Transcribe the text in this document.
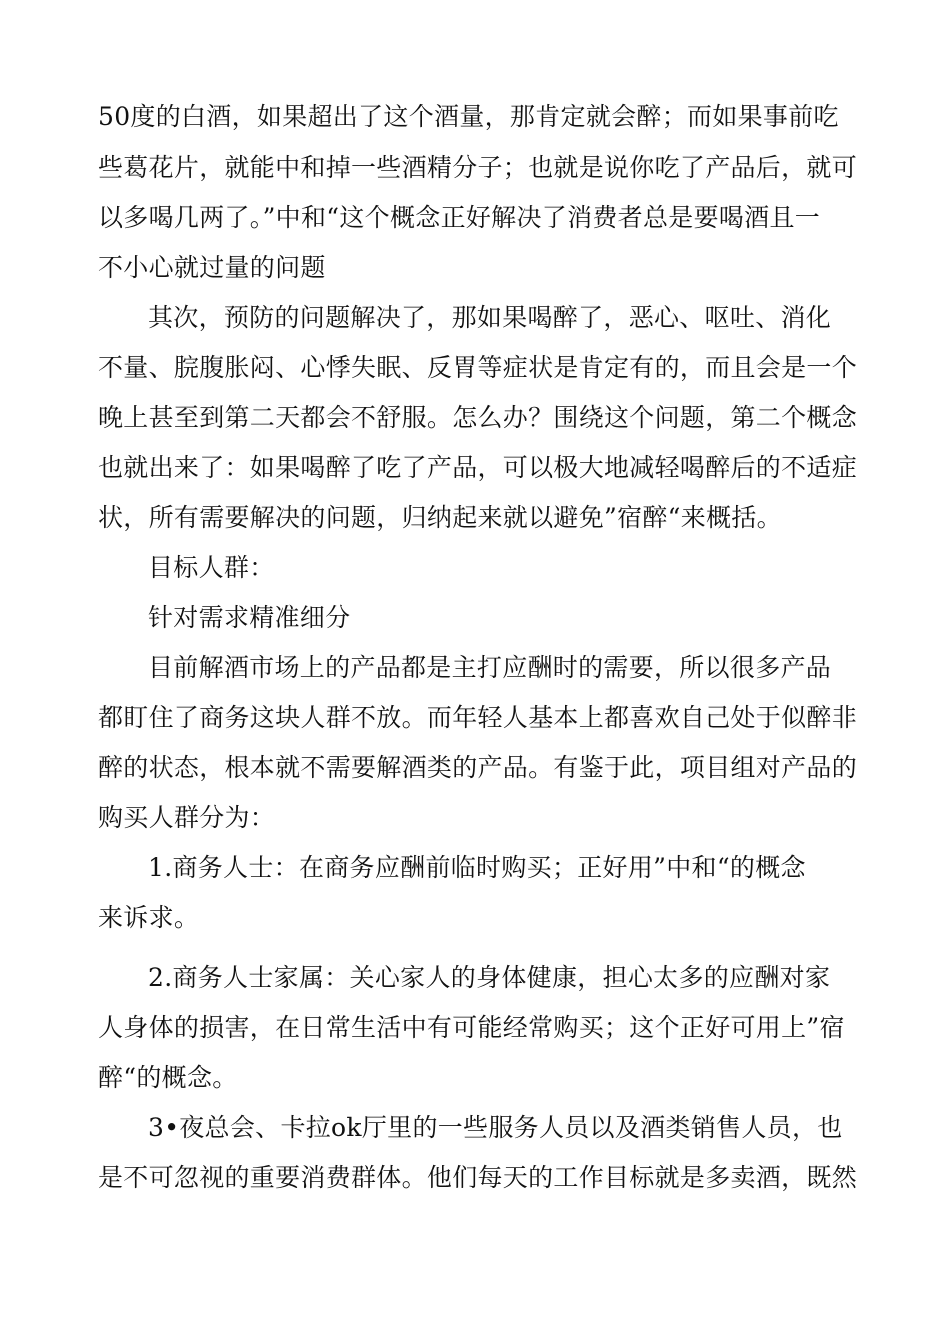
50度的白酒，如果超出了这个酒量，那肯定就会醉；而如果事前吃
些葛花片，就能中和掉一些酒精分子；也就是说你吃了产品后，就可
以多喝几两了。”中和“这个概念正好解决了消费者总是要喝酒且一
不小心就过量的问题
其次，预防的问题解决了，那如果喝醉了，恶心、呕吐、消化
不量、脘腹胀闷、心悸失眠、反胃等症状是肯定有的，而且会是一个
晚上甚至到第二天都会不舒服。怎么办？围绕这个问题，第二个概念
也就出来了：如果喝醉了吃了产品，可以极大地减轻喝醉后的不适症
状，所有需要解决的问题，归纳起来就以避免”宿醉“来概括。
目标人群：
针对需求精准细分
目前解酒市场上的产品都是主打应酬时的需要，所以很多产品
都盯住了商务这块人群不放。而年轻人基本上都喜欢自己处于似醉非
醉的状态，根本就不需要解酒类的产品。有鉴于此，项目组对产品的
购买人群分为：
1.商务人士：在商务应酬前临时购买；正好用”中和“的概念
来诉求。
2.商务人士家属：关心家人的身体健康，担心太多的应酬对家
人身体的损害，在日常生活中有可能经常购买；这个正好可用上”宿
醉“的概念。
3•夜总会、卡拉ok厅里的一些服务人员以及酒类销售人员，也
是不可忽视的重要消费群体。他们每天的工作目标就是多卖酒，既然
